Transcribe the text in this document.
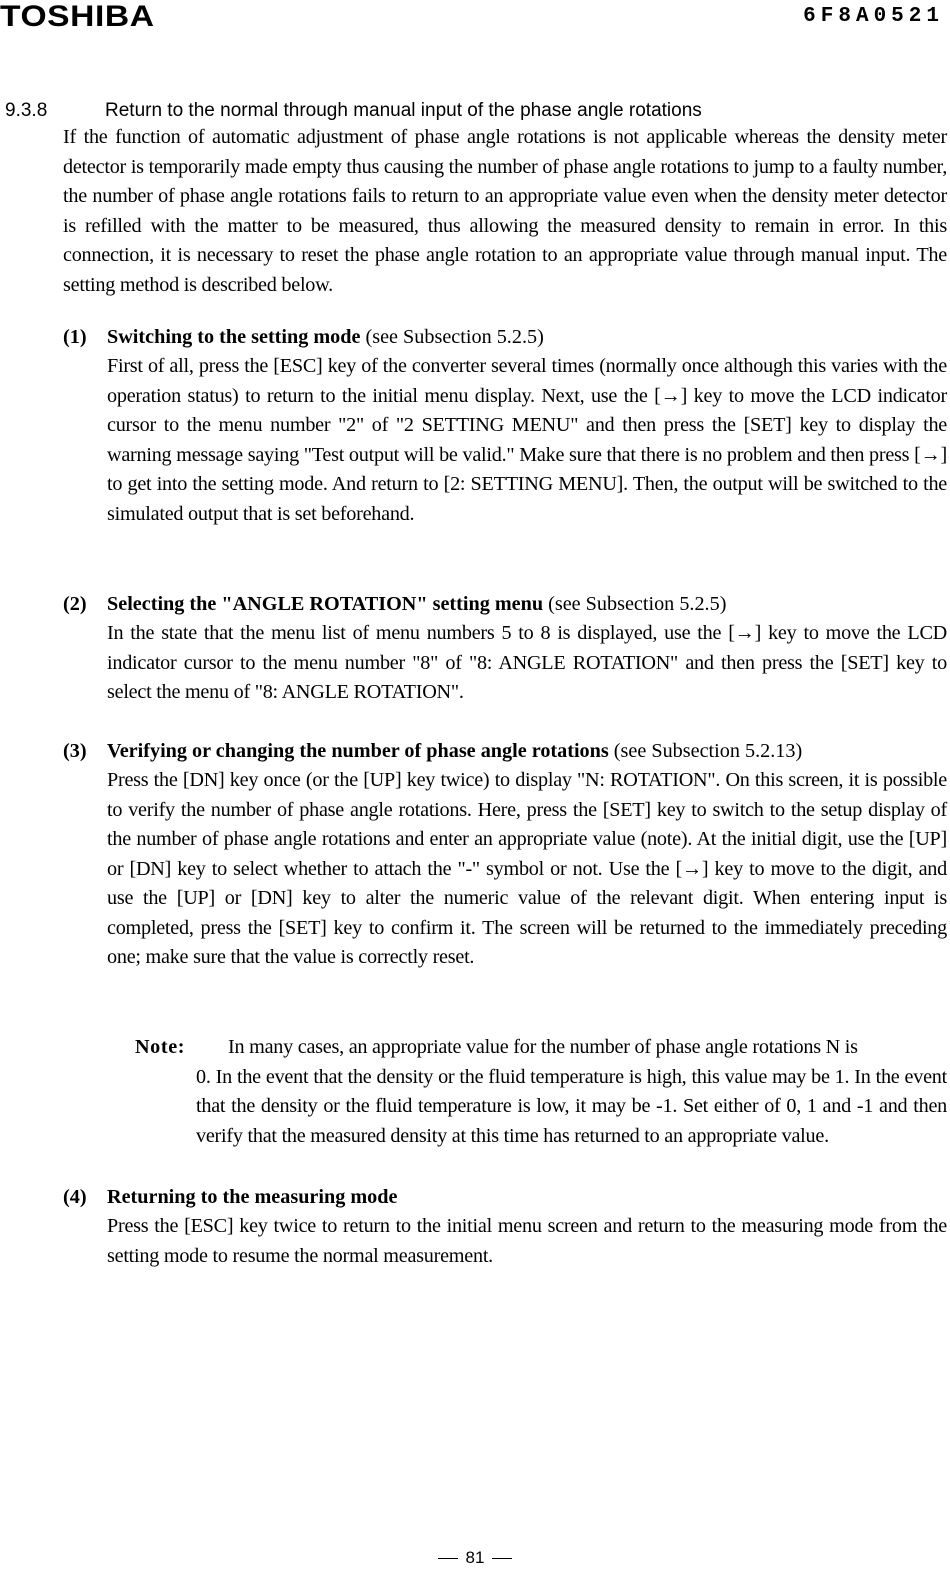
TOSHIBA	6F8A0521
9.3.8	Return to the normal through manual input of the phase angle rotations
If the function of automatic adjustment of phase angle rotations is not applicable whereas the density meter detector is temporarily made empty thus causing the number of phase angle rotations to jump to a faulty number, the number of phase angle rotations fails to return to an appropriate value even when the density meter detector is refilled with the matter to be measured, thus allowing the measured density to remain in error. In this connection, it is necessary to reset the phase angle rotation to an appropriate value through manual input. The setting method is described below.
(1) Switching to the setting mode (see Subsection 5.2.5)
First of all, press the [ESC] key of the converter several times (normally once although this varies with the operation status) to return to the initial menu display. Next, use the [→] key to move the LCD indicator cursor to the menu number "2" of "2 SETTING MENU" and then press the [SET] key to display the warning message saying "Test output will be valid." Make sure that there is no problem and then press [→] to get into the setting mode. And return to [2: SETTING MENU]. Then, the output will be switched to the simulated output that is set beforehand.
(2) Selecting the "ANGLE ROTATION" setting menu (see Subsection 5.2.5)
In the state that the menu list of menu numbers 5 to 8 is displayed, use the [→] key to move the LCD indicator cursor to the menu number "8" of "8: ANGLE ROTATION" and then press the [SET] key to select the menu of "8: ANGLE ROTATION".
(3) Verifying or changing the number of phase angle rotations (see Subsection 5.2.13)
Press the [DN] key once (or the [UP] key twice) to display "N: ROTATION". On this screen, it is possible to verify the number of phase angle rotations. Here, press the [SET] key to switch to the setup display of the number of phase angle rotations and enter an appropriate value (note). At the initial digit, use the [UP] or [DN] key to select whether to attach the "-" symbol or not. Use the [→] key to move to the digit, and use the [UP] or [DN] key to alter the numeric value of the relevant digit. When entering input is completed, press the [SET] key to confirm it. The screen will be returned to the immediately preceding one; make sure that the value is correctly reset.
Note: In many cases, an appropriate value for the number of phase angle rotations N is
0. In the event that the density or the fluid temperature is high, this value may be 1. In the event that the density or the fluid temperature is low, it may be -1. Set either of 0, 1 and -1 and then verify that the measured density at this time has returned to an appropriate value.
(4) Returning to the measuring mode
Press the [ESC] key twice to return to the initial menu screen and return to the measuring mode from the setting mode to resume the normal measurement.
81
